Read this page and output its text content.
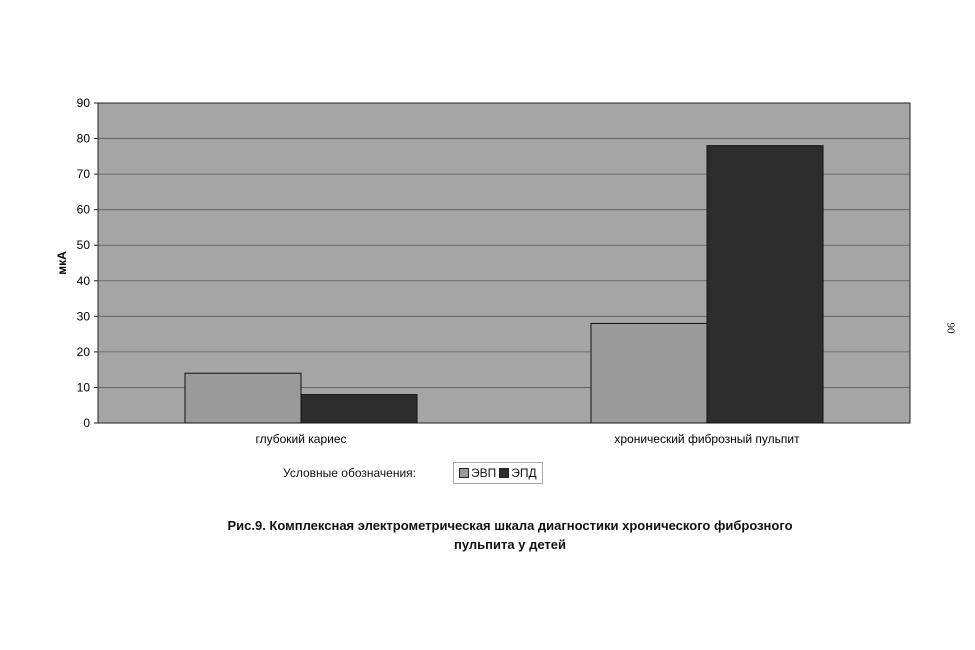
0
10
20
30
40
50
60
70
80
90
глубокий кариес	хронический фиброзный пульпит
мкА
Условные обозначения:	ЭВП ЭПД
Рис.9. Комплексная электрометрическая шкала диагностики хронического фиброзного
пульпита у детей
90
